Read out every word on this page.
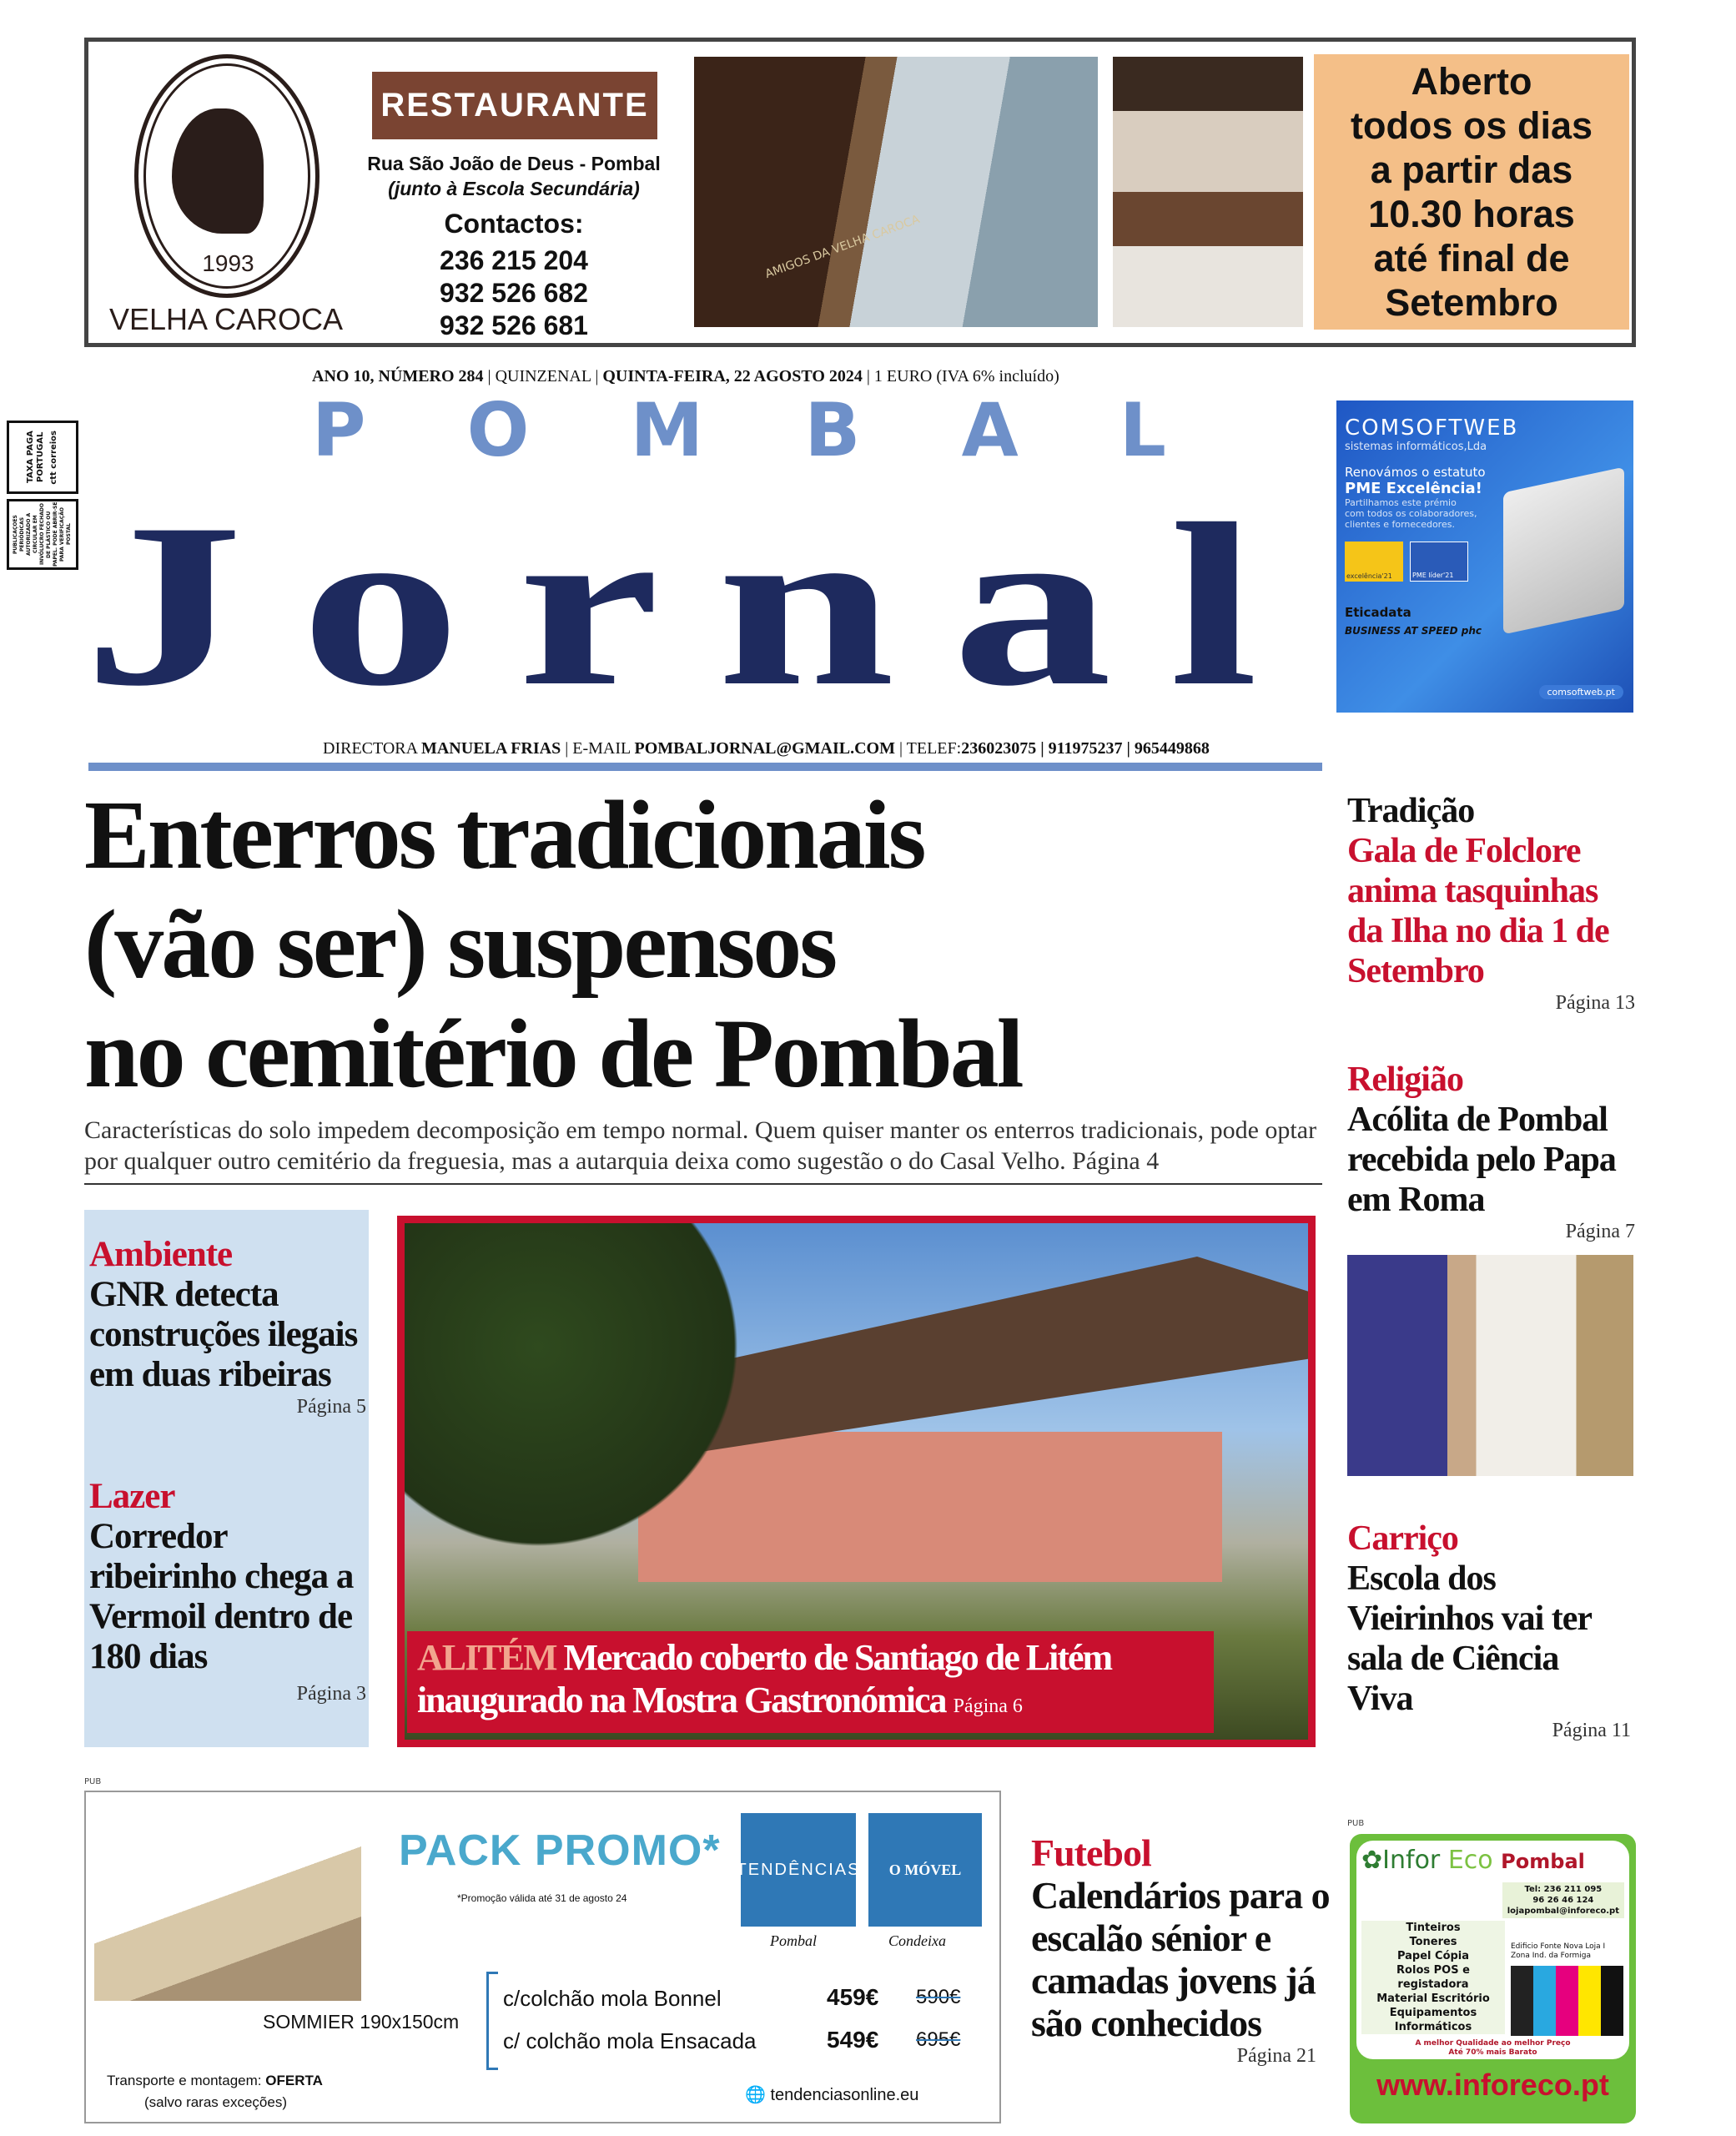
1993
VELHA CAROCA
RESTAURANTE
Rua São João de Deus - Pombal
(junto à Escola Secundária)
Contactos:
236 215 204
932 526 682
932 526 681
AMIGOS DA VELHA CAROCA
Aberto
todos os dias
a partir das
10.30 horas
até final de
Setembro
TAXA PAGA PORTUGAL ctt correios
PUBLICAÇÕES PERIÓDICAS AUTORIZADO A CIRCULAR EM INVÓLUCRO FECHADO DE PLÁSTICO OU PAPEL. PODE ABRIR-SE PARA VERIFICAÇÃO POSTAL
ANO 10, NÚMERO 284 | QUINZENAL | QUINTA-FEIRA, 22 AGOSTO 2024 | 1 EURO (IVA 6% incluído)
P O M B A L
Jornal
DIRECTORA MANUELA FRIAS | E-MAIL POMBALJORNAL@GMAIL.COM | TELEF:236023075 | 911975237 | 965449868
COMSOFTWEB
sistemas informáticos,Lda
Renovámos o estatuto
PME Excelência!
Partilhamos este prémio com todos os colaboradores, clientes e fornecedores.
excelência'21	PME líder'21
Eticadata
BUSINESS AT SPEED phc
comsoftweb.pt
Enterros tradicionais
(vão ser) suspensos
no cemitério de Pombal
Características do solo impedem decomposição em tempo normal. Quem quiser manter os enterros tradicionais, pode optar por qualquer outro cemitério da freguesia, mas a autarquia deixa como sugestão o do Casal Velho. Página 4
Tradição
Gala de Folclore anima tasquinhas da Ilha no dia 1 de Setembro
Página 13
Religião
Acólita de Pombal recebida pelo Papa em Roma
Página 7
Carriço
Escola dos Vieirinhos vai ter sala de Ciência Viva
Página 11
Ambiente
GNR detecta construções ilegais em duas ribeiras
Página 5
Lazer
Corredor ribeirinho chega a Vermoil dentro de 180 dias
Página 3
ALITÉM Mercado coberto de Santiago de Litém inaugurado na Mostra Gastronómica Página 6
PUB
PACK PROMO*
*Promoção válida até 31 de agosto 24
TENDÊNCIAS	O MÓVEL
Pombal	Condeixa
SOMMIER 190x150cm
c/colchão mola Bonnel	459€ 590€
c/ colchão mola Ensacada	549€ 695€
Transporte e montagem: OFERTA
(salvo raras exceções)	🌐 tendenciasonline.eu
Futebol
Calendários para o escalão sénior e camadas jovens já são conhecidos
Página 21
PUB
✿Infor Eco Pombal
Tel: 236 211 095
96 26 46 124
lojapombal@inforeco.pt
Tinteiros
Toneres
Papel Cópia
Rolos POS e
registadora
Material Escritório
Equipamentos
Informáticos
Edificio Fonte Nova Loja I
Zona Ind. da Formiga
A melhor Qualidade ao melhor Preço
Até 70% mais Barato
www.inforeco.pt
